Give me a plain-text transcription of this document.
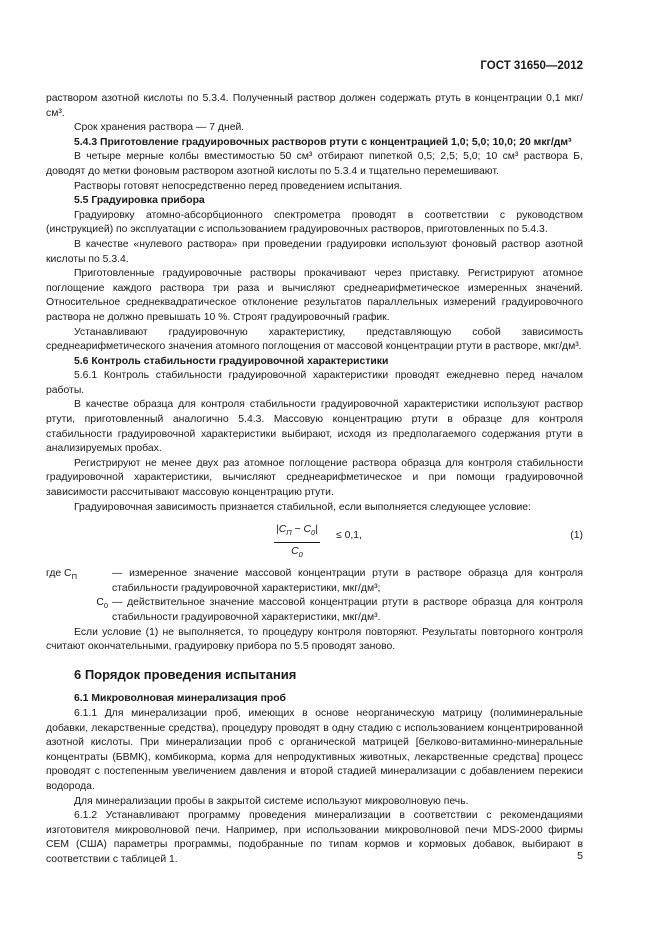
ГОСТ 31650—2012

раствором азотной кислоты по 5.3.4. Полученный раствор должен содержать ртуть в концентрации 0,1 мкг/см³.

Срок хранения раствора — 7 дней.

5.4.3 Приготовление градуировочных растворов ртути с концентрацией 1,0; 5,0; 10,0; 20 мкг/дм³

В четыре мерные колбы вместимостью 50 см³ отбирают пипеткой 0,5; 2,5; 5,0; 10 см³ раствора Б, доводят до метки фоновым раствором азотной кислоты по 5.3.4 и тщательно перемешивают.

Растворы готовят непосредственно перед проведением испытания.

5.5 Градуировка прибора

Градуировку атомно-абсорбционного спектрометра проводят в соответствии с руководством (инструкцией) по эксплуатации с использованием градуировочных растворов, приготовленных по 5.4.3.

В качестве «нулевого раствора» при проведении градуировки используют фоновый раствор азотной кислоты по 5.3.4.

Приготовленные градуировочные растворы прокачивают через приставку. Регистрируют атомное поглощение каждого раствора три раза и вычисляют среднеарифметическое измеренных значений. Относительное среднеквадратическое отклонение результатов параллельных измерений градуировочного раствора не должно превышать 10 %. Строят градуировочный график.

Устанавливают градуировочную характеристику, представляющую собой зависимость среднеарифметического значения атомного поглощения от массовой концентрации ртути в растворе, мкг/дм³.

5.6 Контроль стабильности градуировочной характеристики

5.6.1 Контроль стабильности градуировочной характеристики проводят ежедневно перед началом работы.

В качестве образца для контроля стабильности градуировочной характеристики используют раствор ртути, приготовленный аналогично 5.4.3. Массовую концентрацию ртути в образце для контроля стабильности градуировочной характеристики выбирают, исходя из предполагаемого содержания ртути в анализируемых пробах.

Регистрируют не менее двух раз атомное поглощение раствора образца для контроля стабильности градуировочной характеристики, вычисляют среднеарифметическое и при помощи градуировочной зависимости рассчитывают массовую концентрацию ртути.

Градуировочная зависимость признается стабильной, если выполняется следующее условие:

$|C_П - C_0|$
$C_0$
≤ 0,1,	(1)
где $C_П$	— измеренное значение массовой концентрации ртути в растворе образца для контроля стабильности градуировочной характеристики, мкг/дм³;
$C_0$ — действительное значение массовой концентрации ртути в растворе образца для контроля стабильности градуировочной характеристики, мкг/дм³.

Если условие (1) не выполняется, то процедуру контроля повторяют. Результаты повторного контроля считают окончательными, градуировку прибора по 5.5 проводят заново.

6 Порядок проведения испытания

6.1 Микроволновая минерализация проб

6.1.1 Для минерализации проб, имеющих в основе неорганическую матрицу (полиминеральные добавки, лекарственные средства), процедуру проводят в одну стадию с использованием концентрированной азотной кислоты. При минерализации проб с органической матрицей [белково-витаминно-минеральные концентраты (БВМК), комбикорма, корма для непродуктивных животных, лекарственные средства] процесс проводят с постепенным увеличением давления и второй стадией минерализации с добавлением перекиси водорода.

Для минерализации пробы в закрытой системе используют микроволновую печь.

6.1.2 Устанавливают программу проведения минерализации в соответствии с рекомендациями изготовителя микроволновой печи. Например, при использовании микроволновой печи MDS-2000 фирмы CEM (США) параметры программы, подобранные по типам кормов и кормовых добавок, выбирают в соответствии с таблицей 1.	5
